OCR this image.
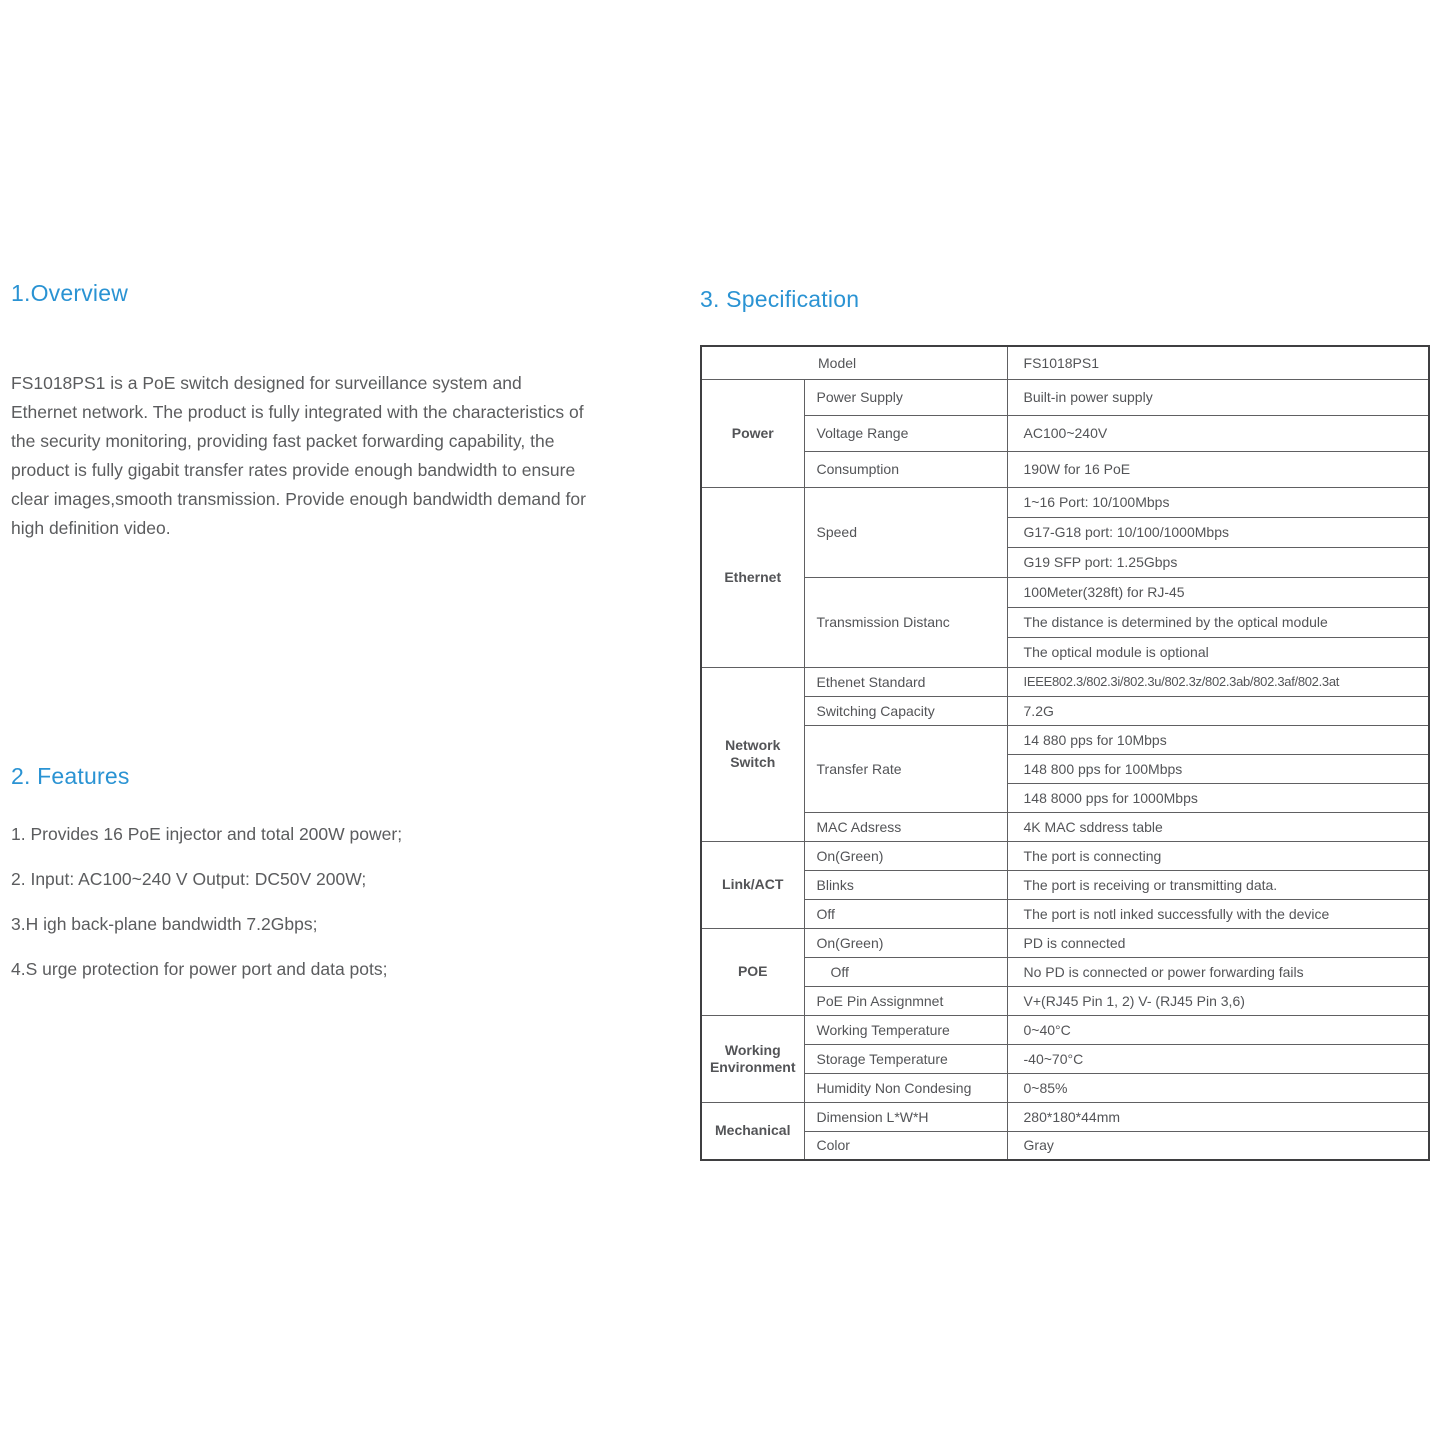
1.Overview
FS1018PS1 is a PoE switch designed for surveillance system and Ethernet network. The product is fully integrated with the characteristics of the security monitoring, providing fast packet forwarding capability, the product is fully gigabit transfer rates provide enough bandwidth to ensure clear images,smooth transmission. Provide enough bandwidth demand for high definition video.
2. Features
1. Provides 16 PoE injector and total 200W power;
2. Input: AC100~240 V Output: DC50V 200W;
3.H igh back-plane bandwidth 7.2Gbps;
4.S urge protection for power port and data pots;
3. Specification
Model		FS1018PS1
Power	Power Supply	Built-in power supply
	Voltage Range	AC100~240V
	Consumption	190W for 16 PoE
Ethernet	Speed	1~16 Port: 10/100Mbps
		G17-G18 port: 10/100/1000Mbps
		G19 SFP port: 1.25Gbps
	Transmission Distanc	100Meter(328ft) for RJ-45
		The distance is determined by the optical module
		The optical module is optional
Network Switch	Ethenet Standard	IEEE802.3/802.3i/802.3u/802.3z/802.3ab/802.3af/802.3at
	Switching Capacity	7.2G
	Transfer Rate	14 880 pps for 10Mbps
		148 800 pps for 100Mbps
		148 8000 pps for 1000Mbps
	MAC Adsress	4K MAC sddress table
Link/ACT	On(Green)	The port is connecting
	Blinks	The port is receiving or transmitting data.
	Off	The port is notl inked successfully with the device
POE	On(Green)	PD is connected
	Off	No PD is connected or power forwarding fails
	PoE Pin Assignmnet	V+(RJ45 Pin 1, 2) V- (RJ45 Pin 3,6)
Working Environment	Working Temperature	0~40°C
	Storage Temperature	-40~70°C
	Humidity Non Condesing	0~85%
Mechanical	Dimension L*W*H	280*180*44mm
	Color	Gray
